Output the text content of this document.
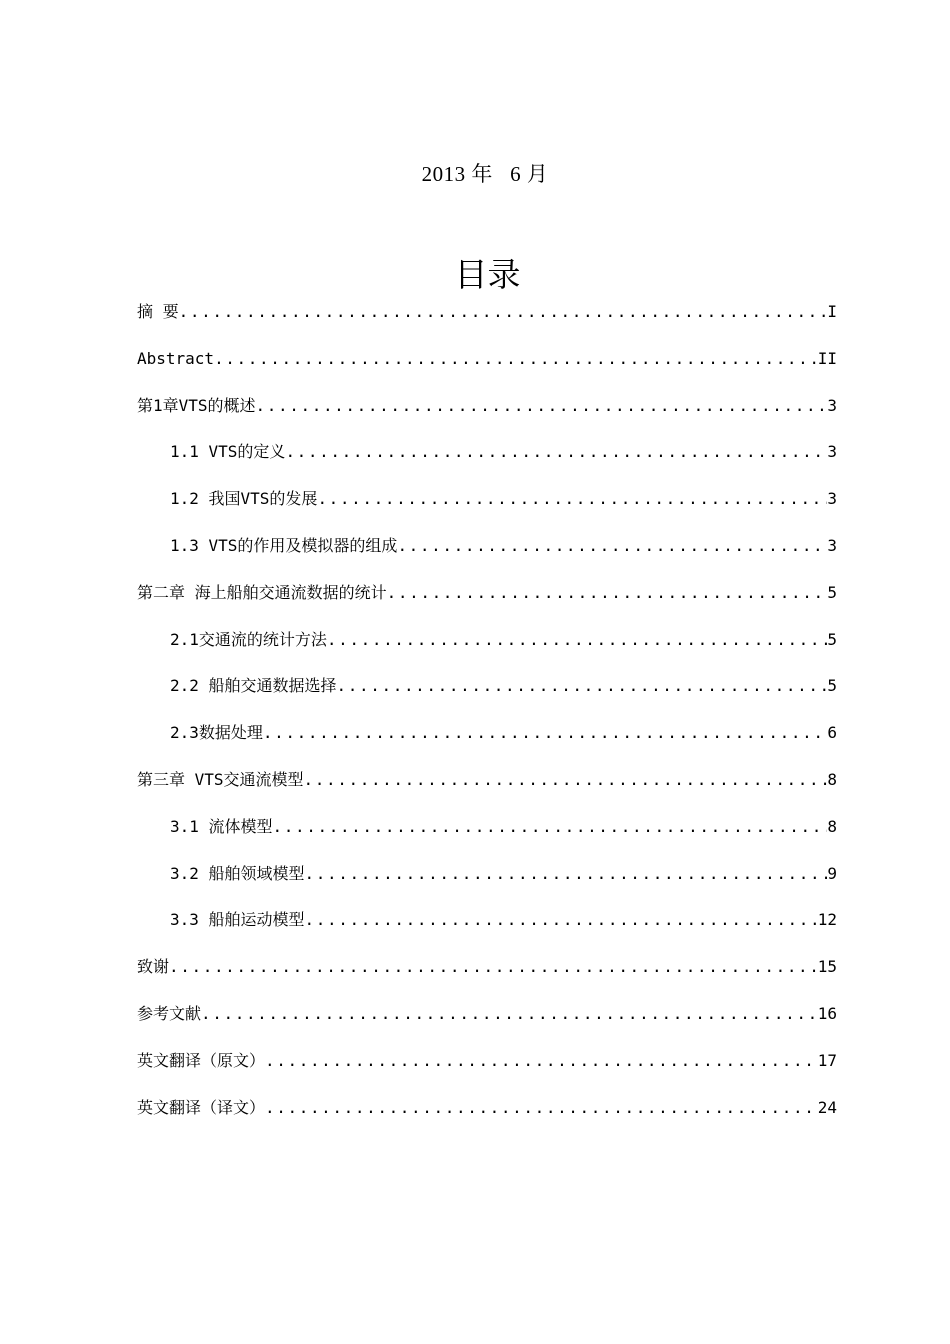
2013 年   6 月
目录
摘 要 .....	I
Abstract .....	II
第1章VTS的概述 .....	3
1.1 VTS的定义 .....	3
1.2 我国VTS的发展 .....	3
1.3 VTS的作用及模拟器的组成 .....	3
第二章 海上船舶交通流数据的统计 .....	5
2.1交通流的统计方法 .....	5
2.2 船舶交通数据选择 .....	5
2.3数据处理 .....	6
第三章 VTS交通流模型 .....	8
3.1 流体模型 .....	8
3.2 船舶领域模型 .....	9
3.3 船舶运动模型 .....	12
致谢 .....	15
参考文献 .....	16
英文翻译（原文） .....	17
英文翻译（译文） .....	24
